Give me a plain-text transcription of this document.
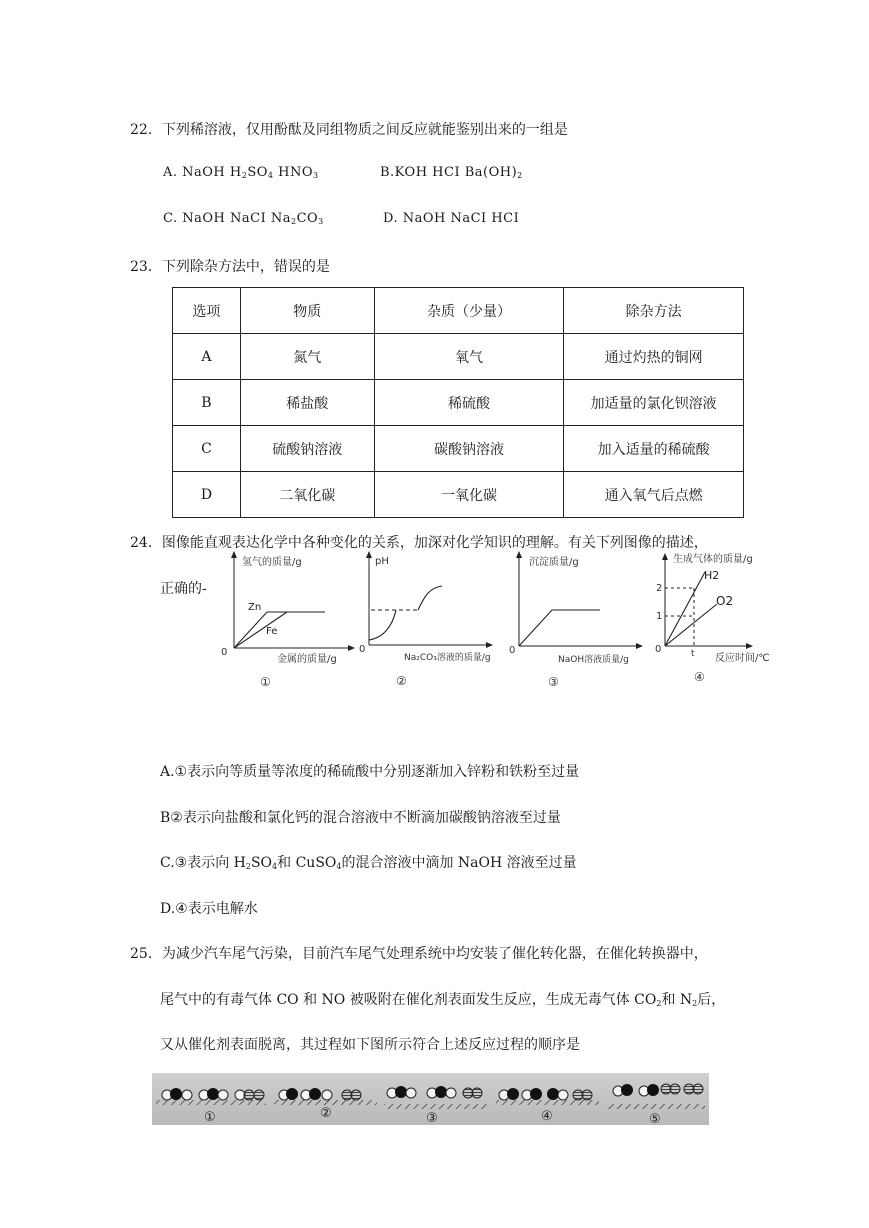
22．下列稀溶液，仅用酚酞及同组物质之间反应就能鉴别出来的一组是
A. NaOH $H_2SO_4$ $HNO_3$	B.KOH HCI $Ba(OH)_2$
C. NaOH NaCI $Na_2CO_3$	D. NaOH NaCI HCI
23．下列除杂方法中，错误的是
选项	物质	杂质（少量）	除杂方法
A	氮气	氧气	通过灼热的铜网
B	稀盐酸	稀硫酸	加适量的氯化钡溶液
C	硫酸钠溶液	碳酸钠溶液	加入适量的稀硫酸
D	二氧化碳	一氧化碳	通入氧气后点燃
24．图像能直观表达化学中各种变化的关系，加深对化学知识的理解。有关下列图像的描述，
正确的-
氢气的质量/g
金属的质量/g
0
Zn
Fe
①
pH
Na₂CO₃溶液的质量/g
0
②
沉淀质量/g
NaOH溶液质量/g
0
③
生成气体的质量/g
反应时间/℃
0
2
1
H2
O2
t
④
A.①表示向等质量等浓度的稀硫酸中分别逐渐加入锌粉和铁粉至过量
B②表示向盐酸和氯化钙的混合溶液中不断滴加碳酸钠溶液至过量
C.③表示向 $H_2SO_4$和 CuSO$_4$的混合溶液中滴加 NaOH 溶液至过量
D.④表示电解水
25．为减少汽车尾气污染，目前汽车尾气处理系统中均安装了催化转化器，在催化转换器中，
尾气中的有毒气体 CO 和 NO 被吸附在催化剂表面发生反应，生成无毒气体 $CO_2$和 $N_2$后，
又从催化剂表面脱离，其过程如下图所示符合上述反应过程的顺序是
①	②	③	④	⑤
